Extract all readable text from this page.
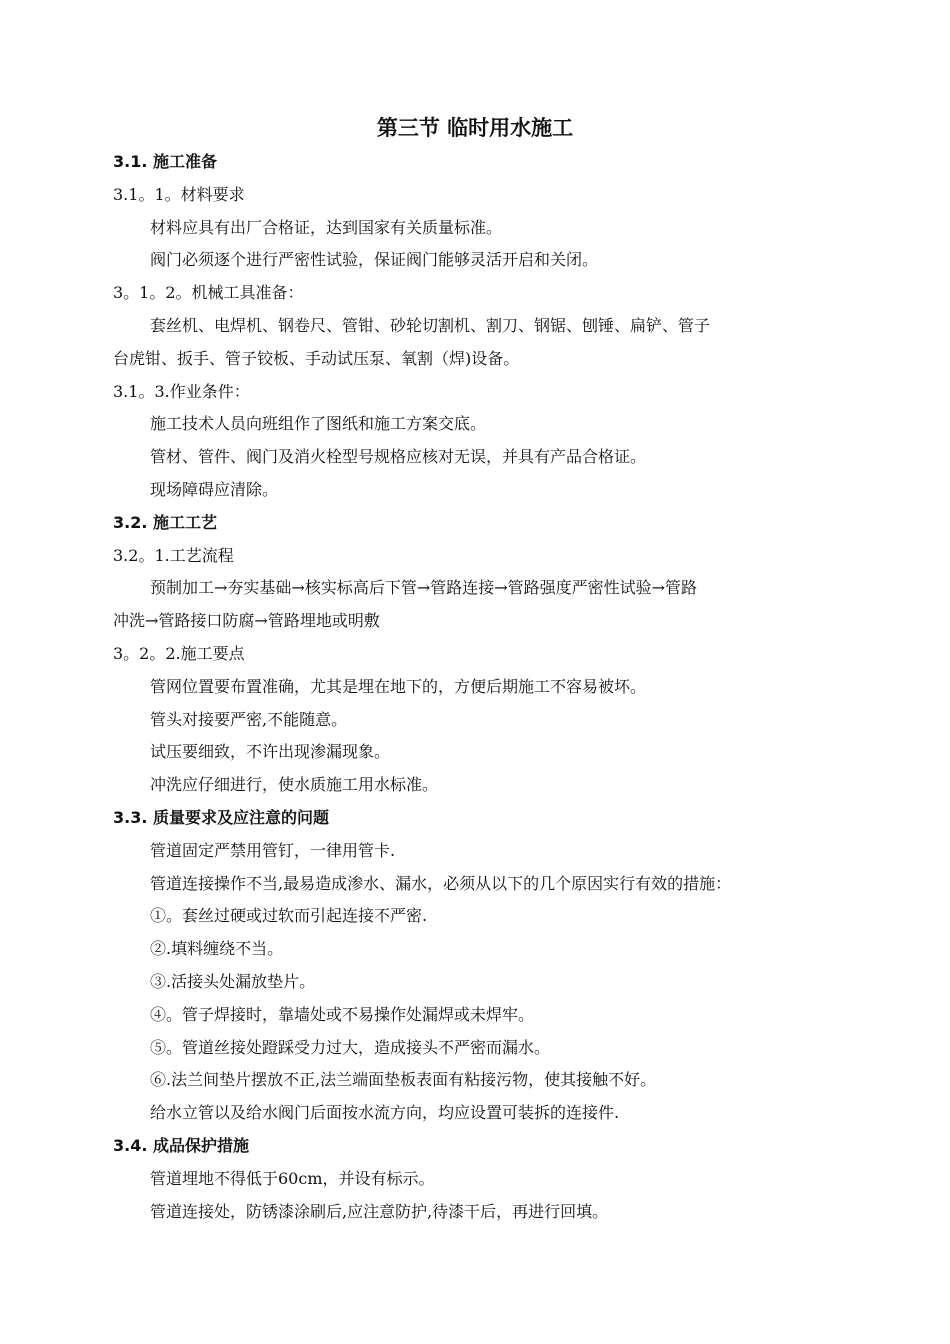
第三节 临时用水施工
3.1. 施工准备
3.1。1。材料要求
材料应具有出厂合格证，达到国家有关质量标准。
阀门必须逐个进行严密性试验，保证阀门能够灵活开启和关闭。
3。1。2。机械工具准备：
套丝机、电焊机、钢卷尺、管钳、砂轮切割机、割刀、钢锯、刨锤、扁铲、管子
台虎钳、扳手、管子铰板、手动试压泵、氧割（焊)设备。
3.1。3.作业条件：
施工技术人员向班组作了图纸和施工方案交底。
管材、管件、阀门及消火栓型号规格应核对无误，并具有产品合格证。
现场障碍应清除。
3.2. 施工工艺
3.2。1.工艺流程
预制加工→夯实基础→核实标高后下管→管路连接→管路强度严密性试验→管路
冲洗→管路接口防腐→管路埋地或明敷
3。2。2.施工要点
管网位置要布置准确，尤其是埋在地下的，方便后期施工不容易被坏。
管头对接要严密,不能随意。
试压要细致，不许出现渗漏现象。
冲洗应仔细进行，使水质施工用水标准。
3.3. 质量要求及应注意的问题
管道固定严禁用管钉，一律用管卡.
管道连接操作不当,最易造成渗水、漏水，必须从以下的几个原因实行有效的措施：
①。套丝过硬或过软而引起连接不严密.
②.填料缠绕不当。
③.活接头处漏放垫片。
④。管子焊接时，靠墙处或不易操作处漏焊或未焊牢。
⑤。管道丝接处蹬踩受力过大，造成接头不严密而漏水。
⑥.法兰间垫片摆放不正,法兰端面垫板表面有粘接污物，使其接触不好。
给水立管以及给水阀门后面按水流方向，均应设置可装拆的连接件.
3.4. 成品保护措施
管道埋地不得低于60cm，并设有标示。
管道连接处，防锈漆涂刷后,应注意防护,待漆干后，再进行回填。
